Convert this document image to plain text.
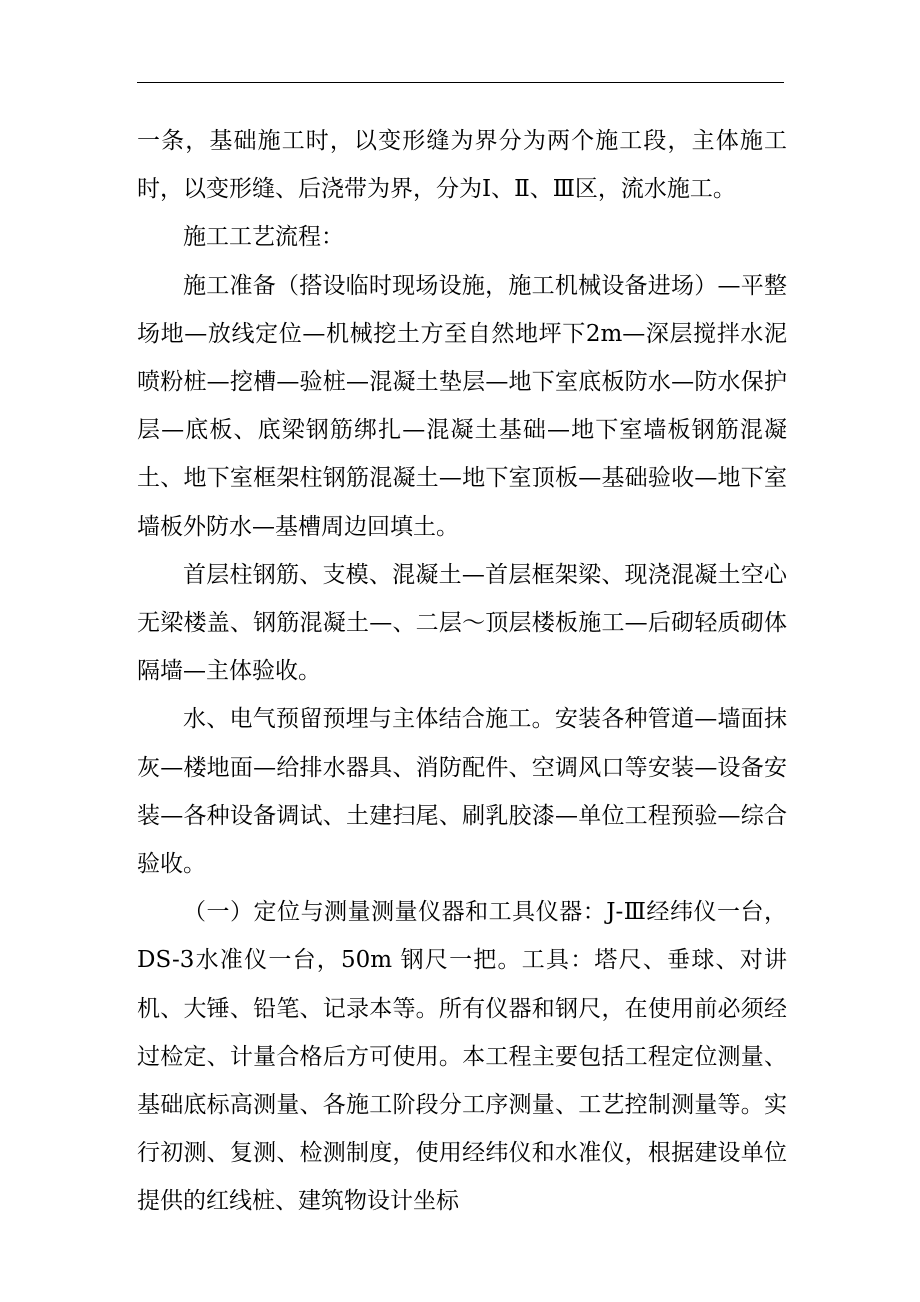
一条，基础施工时，以变形缝为界分为两个施工段，主体施工时，以变形缝、后浇带为界，分为Ⅰ、Ⅱ、Ⅲ区，流水施工。

施工工艺流程：

施工准备（搭设临时现场设施，施工机械设备进场）—平整场地—放线定位—机械挖土方至自然地坪下2m—深层搅拌水泥喷粉桩—挖槽—验桩—混凝土垫层—地下室底板防水—防水保护层—底板、底梁钢筋绑扎—混凝土基础—地下室墙板钢筋混凝土、地下室框架柱钢筋混凝土—地下室顶板—基础验收—地下室墙板外防水—基槽周边回填土。

首层柱钢筋、支模、混凝土—首层框架梁、现浇混凝土空心无梁楼盖、钢筋混凝土—、二层～顶层楼板施工—后砌轻质砌体隔墙—主体验收。

水、电气预留预埋与主体结合施工。安装各种管道—墙面抹灰—楼地面—给排水器具、消防配件、空调风口等安装—设备安装—各种设备调试、土建扫尾、刷乳胶漆—单位工程预验—综合验收。

（一）定位与测量测量仪器和工具仪器：J-Ⅲ经纬仪一台，DS-3水准仪一台，50m 钢尺一把。工具：塔尺、垂球、对讲机、大锤、铅笔、记录本等。所有仪器和钢尺，在使用前必须经过检定、计量合格后方可使用。本工程主要包括工程定位测量、基础底标高测量、各施工阶段分工序测量、工艺控制测量等。实行初测、复测、检测制度，使用经纬仪和水准仪，根据建设单位提供的红线桩、建筑物设计坐标
